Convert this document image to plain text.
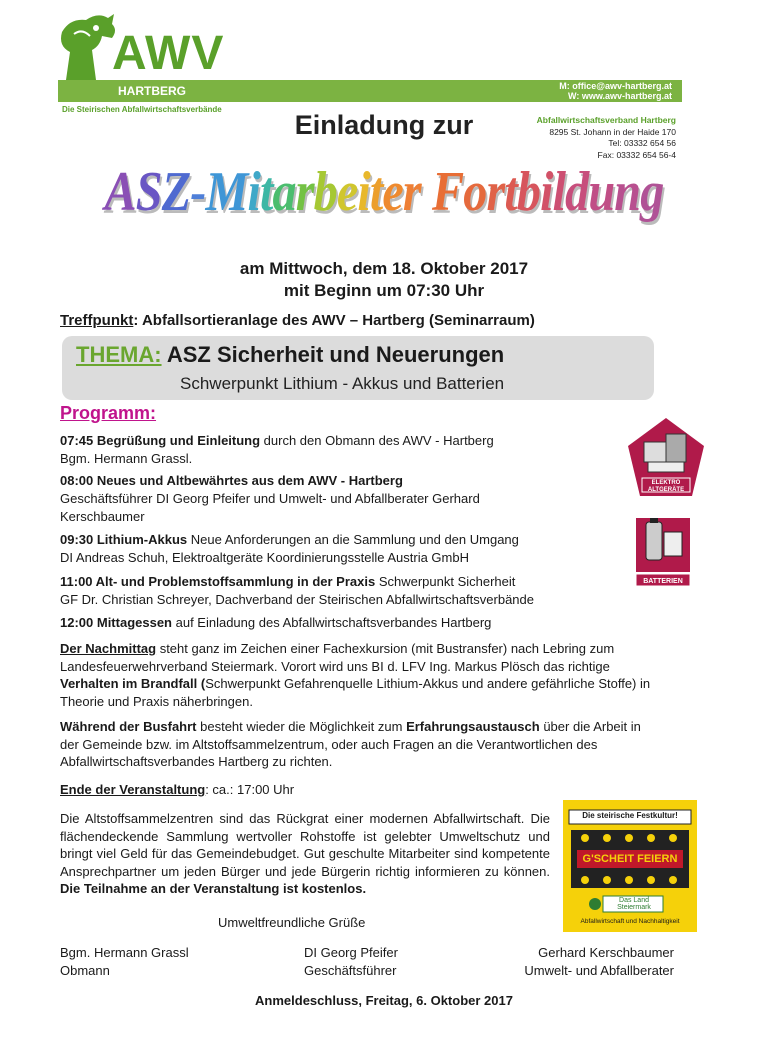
AWV
HARTBERG	M: office@awv-hartberg.at
W: www.awv-hartberg.at
Die Steirischen Abfallwirtschaftsverbände
Abfallwirtschaftsverband Hartberg
8295 St. Johann in der Haide 170
Tel: 03332 654 56
Fax: 03332 654 56-4
Einladung zur
ASZ-Mitarbeiter Fortbildung
am Mittwoch, dem 18. Oktober 2017
mit Beginn um 07:30 Uhr
Treffpunkt: Abfallsortieranlage des AWV – Hartberg (Seminarraum)
THEMA: ASZ Sicherheit und Neuerungen
Schwerpunkt Lithium - Akkus und Batterien
Programm:
07:45 Begrüßung und Einleitung durch den Obmann des AWV - Hartberg
Bgm. Hermann Grassl.
08:00 Neues und Altbewährtes aus dem AWV - Hartberg
Geschäftsführer DI Georg Pfeifer und Umwelt- und Abfallberater Gerhard Kerschbaumer
09:30 Lithium-Akkus Neue Anforderungen an die Sammlung und den Umgang
DI Andreas Schuh, Elektroaltgeräte Koordinierungsstelle Austria GmbH
11:00 Alt- und Problemstoffsammlung in der Praxis Schwerpunkt Sicherheit
GF Dr. Christian Schreyer, Dachverband der Steirischen Abfallwirtschaftsverbände
12:00 Mittagessen auf Einladung des Abfallwirtschaftsverbandes Hartberg
ELEKTRO
ALTGERÄTE
BATTERIEN
Der Nachmittag steht ganz im Zeichen einer Fachexkursion (mit Bustransfer) nach Lebring zum Landesfeuerwehrverband Steiermark. Vorort wird uns BI d. LFV Ing. Markus Plösch das richtige Verhalten im Brandfall (Schwerpunkt Gefahrenquelle Lithium-Akkus und andere gefährliche Stoffe) in Theorie und Praxis näherbringen.
Während der Busfahrt besteht wieder die Möglichkeit zum Erfahrungsaustausch über die Arbeit in der Gemeinde bzw. im Altstoffsammelzentrum, oder auch Fragen an die Verantwortlichen des Abfallwirtschaftsverbandes Hartberg zu richten.
Ende der Veranstaltung: ca.: 17:00 Uhr
Die Altstoffsammelzentren sind das Rückgrat einer modernen Abfallwirtschaft. Die flächendeckende Sammlung wertvoller Rohstoffe ist gelebter Umweltschutz und bringt viel Geld für das Gemeindebudget. Gut geschulte Mitarbeiter sind kompetente Ansprechpartner um jeden Bürger und jede Bürgerin richtig informieren zu können. Die Teilnahme an der Veranstaltung ist kostenlos.
Umweltfreundliche Grüße
Die steirische Festkultur!
G'SCHEIT FEIERN
Das Land
Steiermark
Abfallwirtschaft und Nachhaltigkeit
Bgm. Hermann Grassl
Obmann
DI Georg Pfeifer
Geschäftsführer
Gerhard Kerschbaumer
Umwelt- und Abfallberater
Anmeldeschluss, Freitag, 6. Oktober 2017
